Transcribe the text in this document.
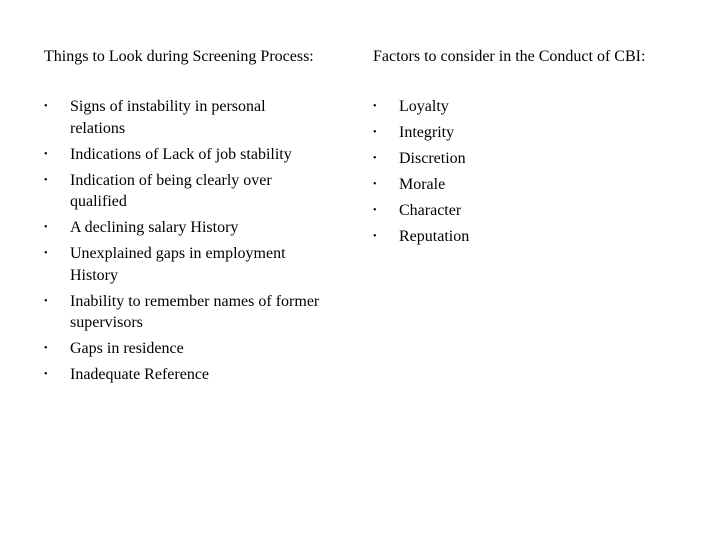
Things to Look during Screening Process:
• Signs of instability in personal relations
• Indications of Lack of job stability
• Indication of being clearly over qualified
• A declining salary History
• Unexplained gaps in employment History
• Inability to remember names of former supervisors
• Gaps in residence
• Inadequate Reference
Factors to consider in the Conduct of CBI:
• Loyalty
• Integrity
• Discretion
• Morale
• Character
• Reputation
